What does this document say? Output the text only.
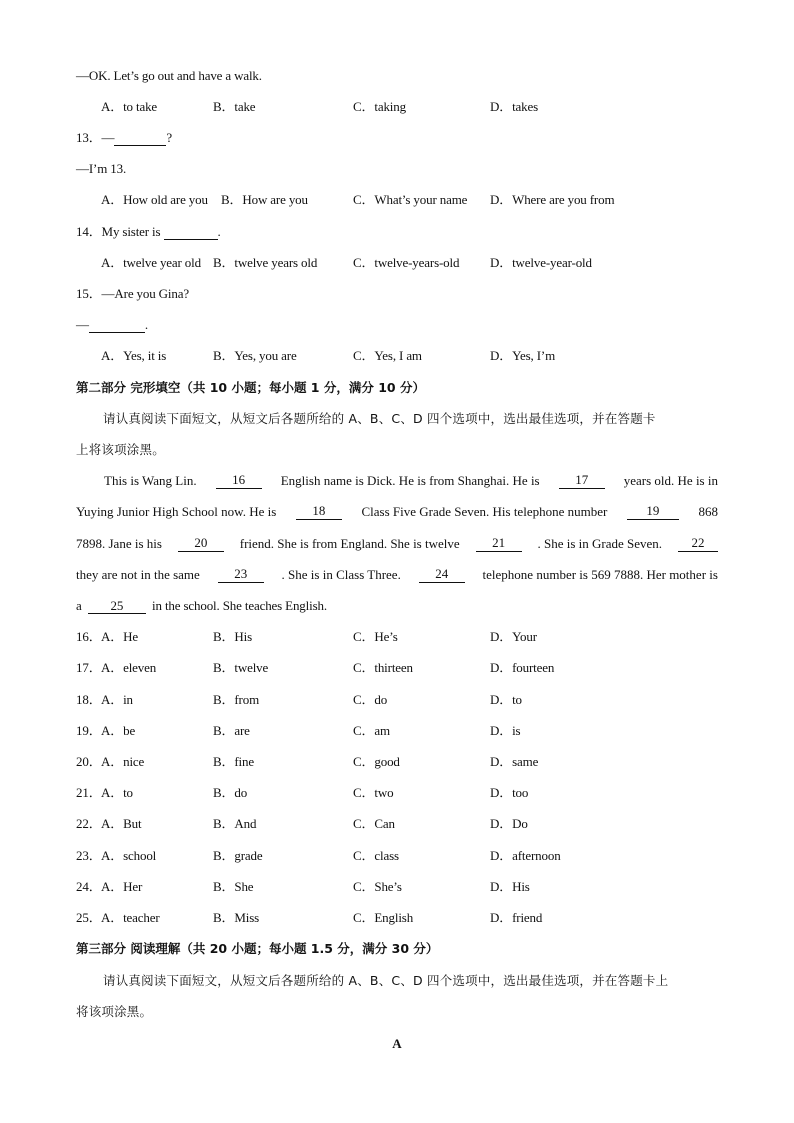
—OK. Let’s go out and have a walk.
A．to take	B．take	C．taking	D．takes
13．—	?
—I’m 13.
A．How old are you B．How are you	C．What’s your name D．Where are you from
14．My sister is	.
A．twelve year old B．twelve years old	C．twelve-years-old D．twelve-year-old
15．—Are you Gina?
—	.
A．Yes, it is	B．Yes, you are	C．Yes, I am	D．Yes, I’m
第二部分 完形填空（共 10 小题；每小题 1 分，满分 10 分）
请认真阅读下面短文，从短文后各题所给的 A、B、C、D 四个选项中，选出最佳选项，并在答题卡
上将该项涂黑。
This is Wang Lin.	16	English name is Dick. He is from Shanghai. He is	17	years old. He is in
Yuying Junior High School now. He is	18	Class Five Grade Seven. His telephone number	19	868
7898. Jane is his	20	friend. She is from England. She is twelve	21	. She is in Grade Seven.	22
they are not in the same	23	. She is in Class Three.	24	telephone number is 569 7888. Her mother is
a 25 in the school. She teaches English.
16． A．He	B．His	C．He’s	D．Your
17． A．eleven	B．twelve	C．thirteen	D．fourteen
18． A．in	B．from	C．do	D．to
19． A．be	B．are	C．am	D．is
20． A．nice	B．fine	C．good	D．same
21． A．to	B．do	C．two	D．too
22． A．But	B．And	C．Can	D．Do
23． A．school	B．grade	C．class	D．afternoon
24． A．Her	B．She	C．She’s	D．His
25． A．teacher	B．Miss	C．English	D．friend
第三部分 阅读理解（共 20 小题；每小题 1.5 分，满分 30 分）
请认真阅读下面短文，从短文后各题所给的 A、B、C、D 四个选项中，选出最佳选项，并在答题卡上
将该项涂黑。
A
